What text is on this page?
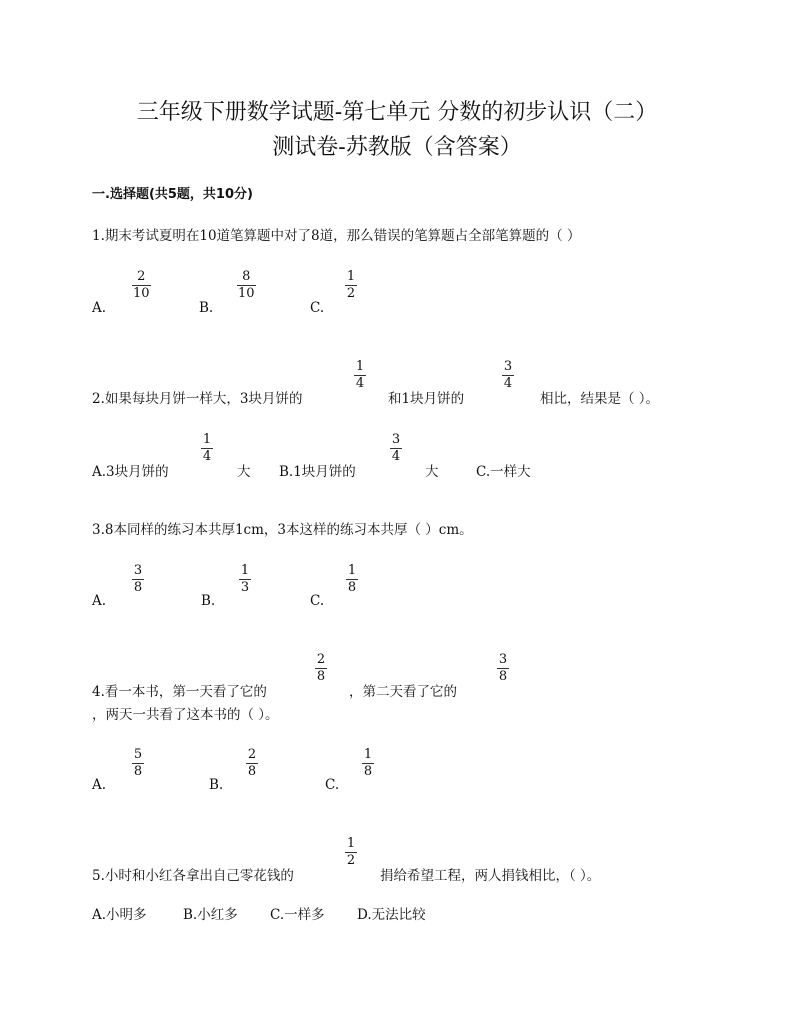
三年级下册数学试题-第七单元 分数的初步认识（二）
测试卷-苏教版（含答案）
一.选择题(共5题，共10分)
1.期末考试夏明在10道笔算题中对了8道，那么错误的笔算题占全部笔算题的（ ）
A.
2
10
B.
8
10
C.
1
2
2.如果每块月饼一样大，3块月饼的
1
4
和1块月饼的
3
4
相比，结果是（ ）。
A.3块月饼的
1
4
大 B.1块月饼的
3
4
大	C.一样大
3.8本同样的练习本共厚1cm，3本这样的练习本共厚（ ）cm。
A.
3
8
B.
1
3
C.
1
8
4.看一本书，第一天看了它的
2
8
，第二天看了它的
3
8
，两天一共看了这本书的（ ）。
A.
5
8
B.
2
8
C.
1
8
5.小时和小红各拿出自己零花钱的
1
2
捐给希望工程，两人捐钱相比，（ ）。
A.小明多	B.小红多 C.一样多 D.无法比较
